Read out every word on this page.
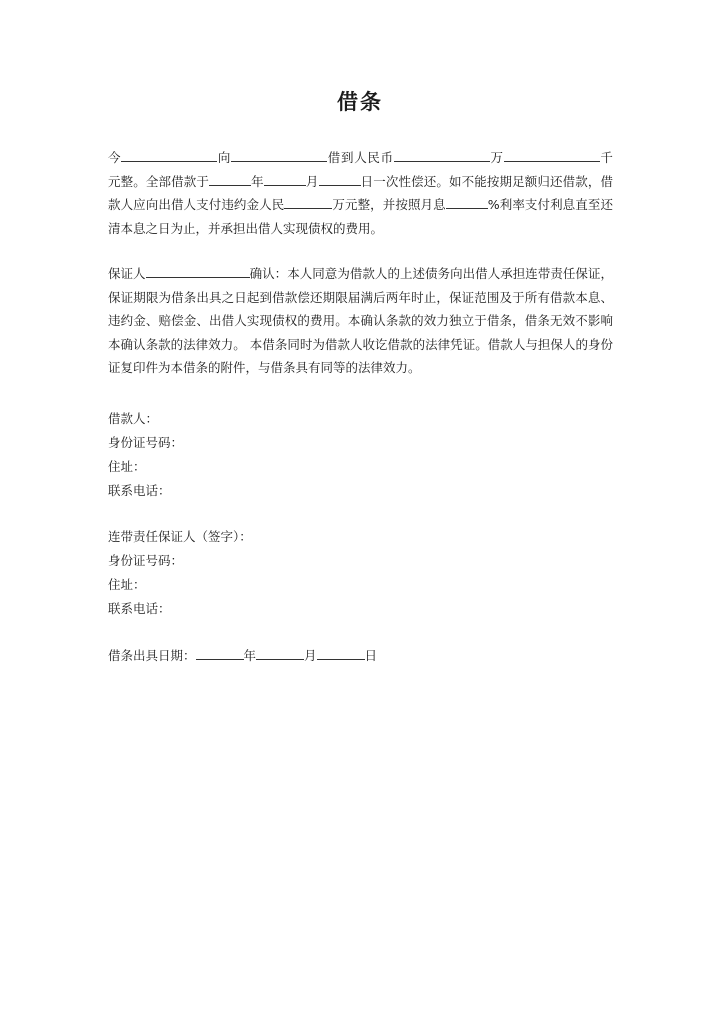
借条

今	向	借到人民币	万	千元整。全部借款于	年	月	日一次性偿还。如不能按期足额归还借款，借款人应向出借人支付违约金人民	万元整，并按照月息	%利率支付利息直至还清本息之日为止，并承担出借人实现债权的费用。

保证人	确认：本人同意为借款人的上述债务向出借人承担连带责任保证，保证期限为借条出具之日起到借款偿还期限届满后两年时止，保证范围及于所有借款本息、违约金、赔偿金、出借人实现债权的费用。本确认条款的效力独立于借条，借条无效不影响本确认条款的法律效力。 本借条同时为借款人收讫借款的法律凭证。借款人与担保人的身份证复印件为本借条的附件，与借条具有同等的法律效力。

借款人：
身份证号码：
住址：
联系电话：
连带责任保证人（签字）：
身份证号码：
住址：
联系电话：
借条出具日期：	年	月	日
